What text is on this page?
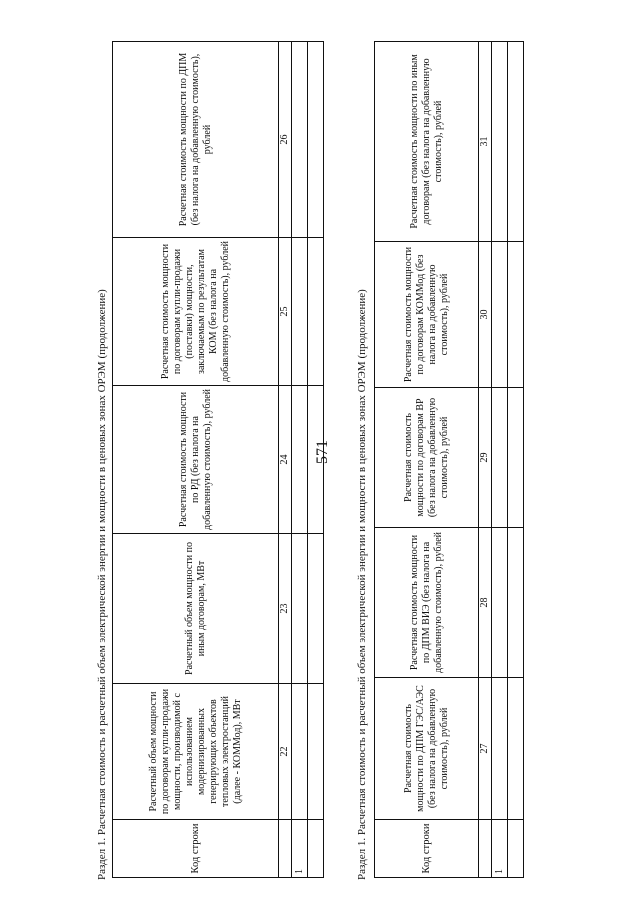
571
Раздел 1. Расчетная стоимость и расчетный объем электрической энергии и мощности в ценовых зонах ОРЭМ (продолжение)	Код строки	Расчетный объем мощности по договорам купли-продажи мощности, производимой с использованием модернизированных генерирующих объектов тепловых электростанций (далее - КОММод), МВт	Расчетный объем мощности по иным договорам, МВт	Расчетная стоимость мощности по РД (без налога на добавленную стоимость), рублей	Расчетная стоимость мощности по договорам купли-продажи (поставки) мощности, заключаемым по результатам КОМ (без налога на добавленную стоимость), рублей	Расчетная стоимость мощности по ДПМ (без налога на добавленную стоимость), рублей
	22	23	24	25	26
1					
						Раздел 1. Расчетная стоимость и расчетный объем электрической энергии и мощности в ценовых зонах ОРЭМ (продолжение)	Код строки	Расчетная стоимость мощности по ДПМ ГЭС/АЭС (без налога на добавленную стоимость), рублей	Расчетная стоимость мощности по ДПМ ВИЭ (без налога на добавленную стоимость), рублей	Расчетная стоимость мощности по договорам ВР (без налога на добавленную стоимость), рублей	Расчетная стоимость мощности по договорам КОММод (без налога на добавленную стоимость), рублей	Расчетная стоимость мощности по иным договорам (без налога на добавленную стоимость), рублей
	27	28	29	30	31
1					
